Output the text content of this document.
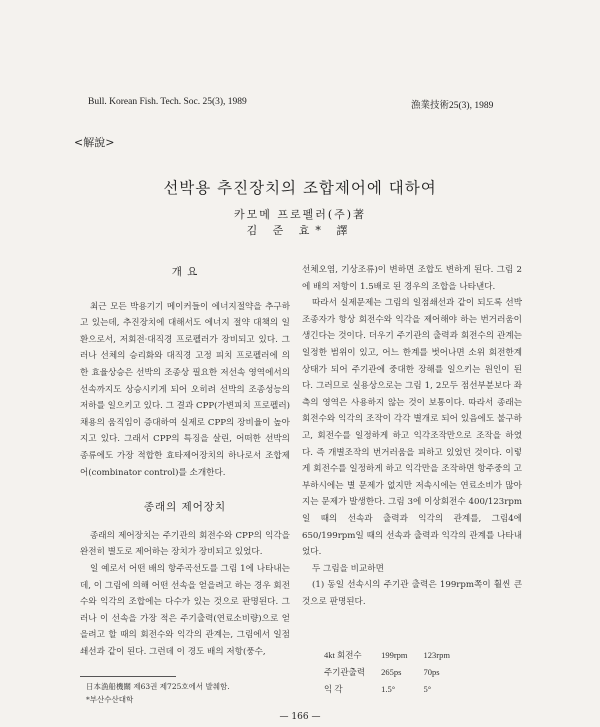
Bull. Korean Fish. Tech. Soc. 25(3), 1989	漁業技術25(3), 1989
<解說>
선박용 추진장치의 조합제어에 대하여
카모메 프로펠러(주)著
김 준 효* 譯

개 요

최근 모든 박용기기 메이커들이 에너지절약을 추구하고 있는데, 추진장치에 대해서도 에너지 절약 대책의 일환으로서, 저회전·대직경 프로펠러가 장비되고 있다. 그러나 선체의 승리화와 대직경 고정 피치 프로펠러에 의한 효율상승은 선박의 조종상 필요한 저선속 영역에서의 선속까지도 상승시키게 되어 오히려 선박의 조종성능의 저하를 일으키고 있다. 그 결과 CPP(가변피치 프로펠러) 채용의 움직임이 증대하여 실제로 CPP의 장비율이 높아지고 있다. 그래서 CPP의 특징을 살린, 어떠한 선박의 종류에도 가장 적합한 효타제어장치의 하나로서 조합제어(combinator control)를 소개한다.

종래의 제어장치

종래의 제어장치는 주기관의 회전수와 CPP의 익각을 완전히 별도로 제어하는 장치가 장비되고 있었다.

일 예로서 어떤 배의 항주곡선도를 그림 1에 나타내는데, 이 그림에 의해 어떤 선속을 얻을려고 하는 경우 회전수와 익각의 조합에는 다수가 있는 것으로 판명된다. 그러나 이 선속을 가장 적은 주기출력(연료소비량)으로 얻을려고 할 때의 회전수와 익각의 관계는, 그림에서 일점쇄선과 같이 된다. 그런데 이 경도 배의 저항(풍수,

선체오염, 기상조류)이 변하면 조합도 변하게 된다. 그림 2에 배의 저항이 1.5배로 된 경우의 조합을 나타낸다.

따라서 실제문제는 그림의 일점쇄선과 같이 되도록 선박조종자가 항상 회전수와 익각을 제어해야 하는 번거러움이 생긴다는 것이다. 더우기 주기관의 출력과 회전수의 관계는 일정한 범위이 있고, 어느 한계를 벗어나면 소위 회전한계 상태가 되어 주기관에 중대한 장해를 일으키는 원인이 된다. 그러므로 실용상으로는 그림 1, 2모두 점선부분보다 좌측의 영역은 사용하지 않는 것이 보통이다. 따라서 종래는 회전수와 익각의 조작이 각각 별개로 되어 있음에도 불구하고, 회전수를 일정하게 하고 익각조작만으로 조작을 하였다. 즉 개별조작의 번거러움을 피하고 있었던 것이다. 이렇게 회전수를 일정하게 하고 익각만을 조작하면 항주중의 고부하시에는 별 문제가 없지만 저속시에는 연료소비가 많아지는 문제가 발생한다. 그림 3에 이상회전수 400/123rpm일 때의 선속과 출력과 익각의 관계를, 그림4에 650/199rpm일 때의 선속과 출력과 익각의 관계를 나타내었다.

두 그림을 비교하면

(1) 동일 선속시의 주기관 출력은 199rpm쪽이 훨씬 큰 것으로 판명된다.

4kt 회전수	199rpm	123rpm
주기관출력	265ps	70ps
익 각	1.5°	5°
日本漁船機關 제63권 제725호에서 발췌함.
*부산수산대학
— 166 —
